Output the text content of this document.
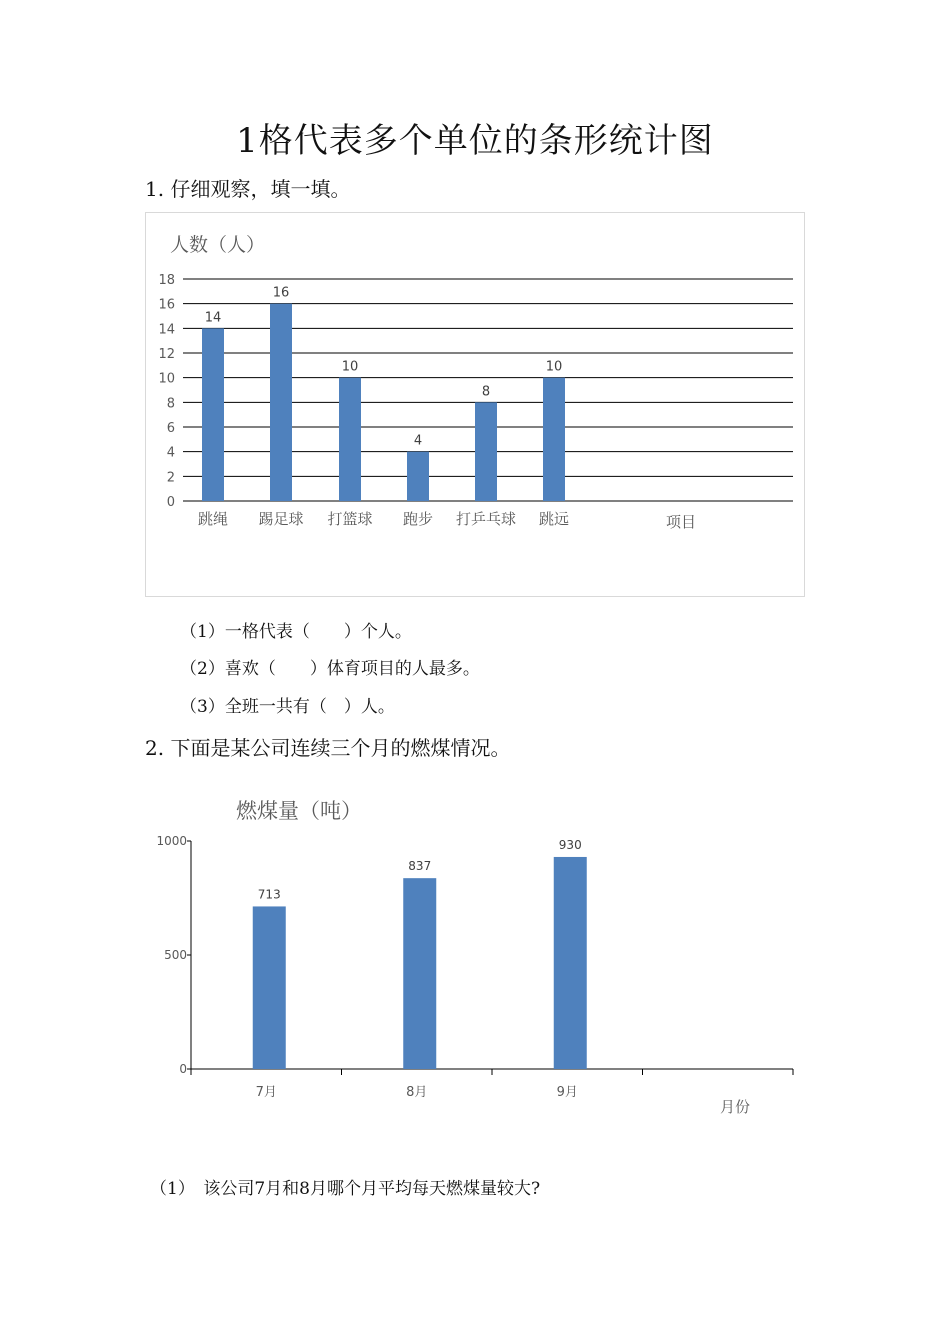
1格代表多个单位的条形统计图
1. 仔细观察，填一填。
人数（人）
0
2
4
6
8
10
12
14
16
18
14
跳绳
16
踢足球
10
打篮球
4
跑步
8
打乒乓球
10
跳远	项目
（1）一格代表（　　）个人。
（2）喜欢（　　）体育项目的人最多。
（3）全班一共有（　）人。
2. 下面是某公司连续三个月的燃煤情况。
燃煤量（吨）
0
500
1000
713
7月
837
8月
930
9月
月份
（1）　该公司7月和8月哪个月平均每天燃煤量较大?
